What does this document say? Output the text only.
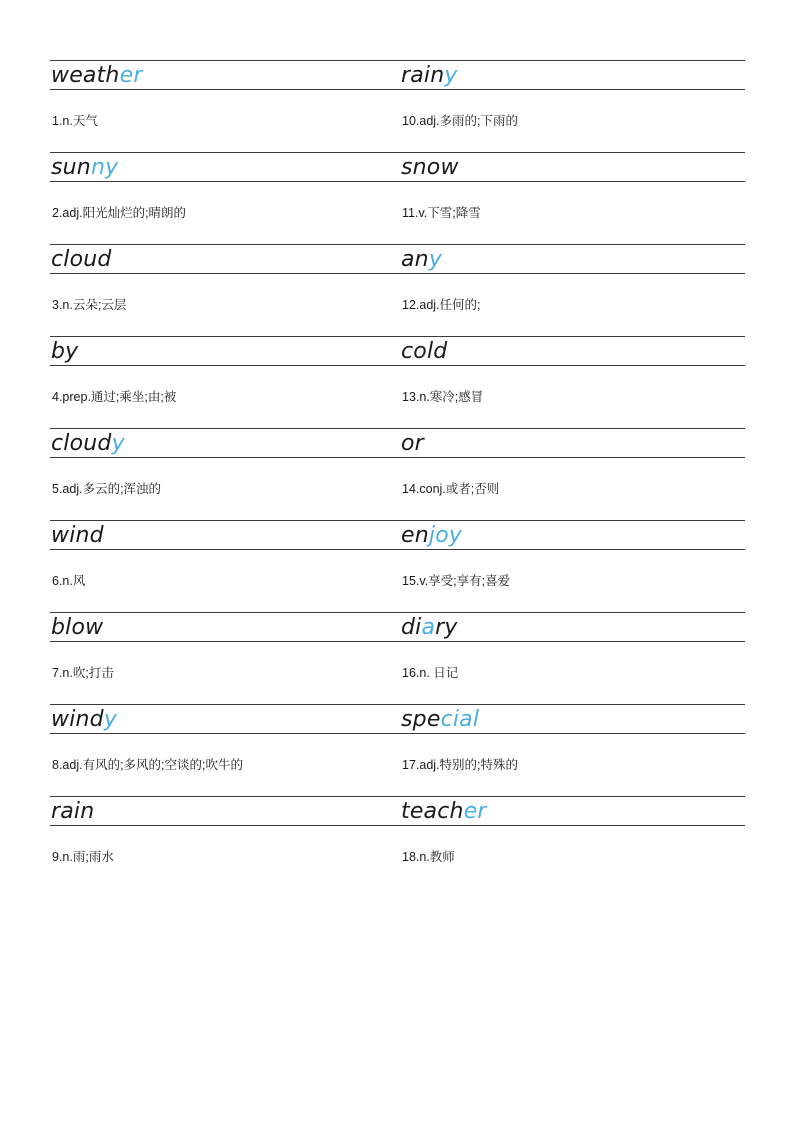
weather
1.n.天气
sunny
2.adj.阳光灿烂的;晴朗的
cloud
3.n.云朵;云层
by
4.prep.通过;乘坐;由;被
cloudy
5.adj.多云的;浑浊的
wind
6.n.风
blow
7.n.吹;打击
windy
8.adj.有风的;多风的;空谈的;吹牛的
rain
9.n.雨;雨水
rainy
10.adj.多雨的;下雨的
snow
11.v.下雪;降雪
any
12.adj.任何的;
cold
13.n.寒冷;感冒
or
14.conj.或者;否则
enjoy
15.v.享受;享有;喜爱
diary
16.n. 日记
special
17.adj.特别的;特殊的
teacher
18.n.教师
